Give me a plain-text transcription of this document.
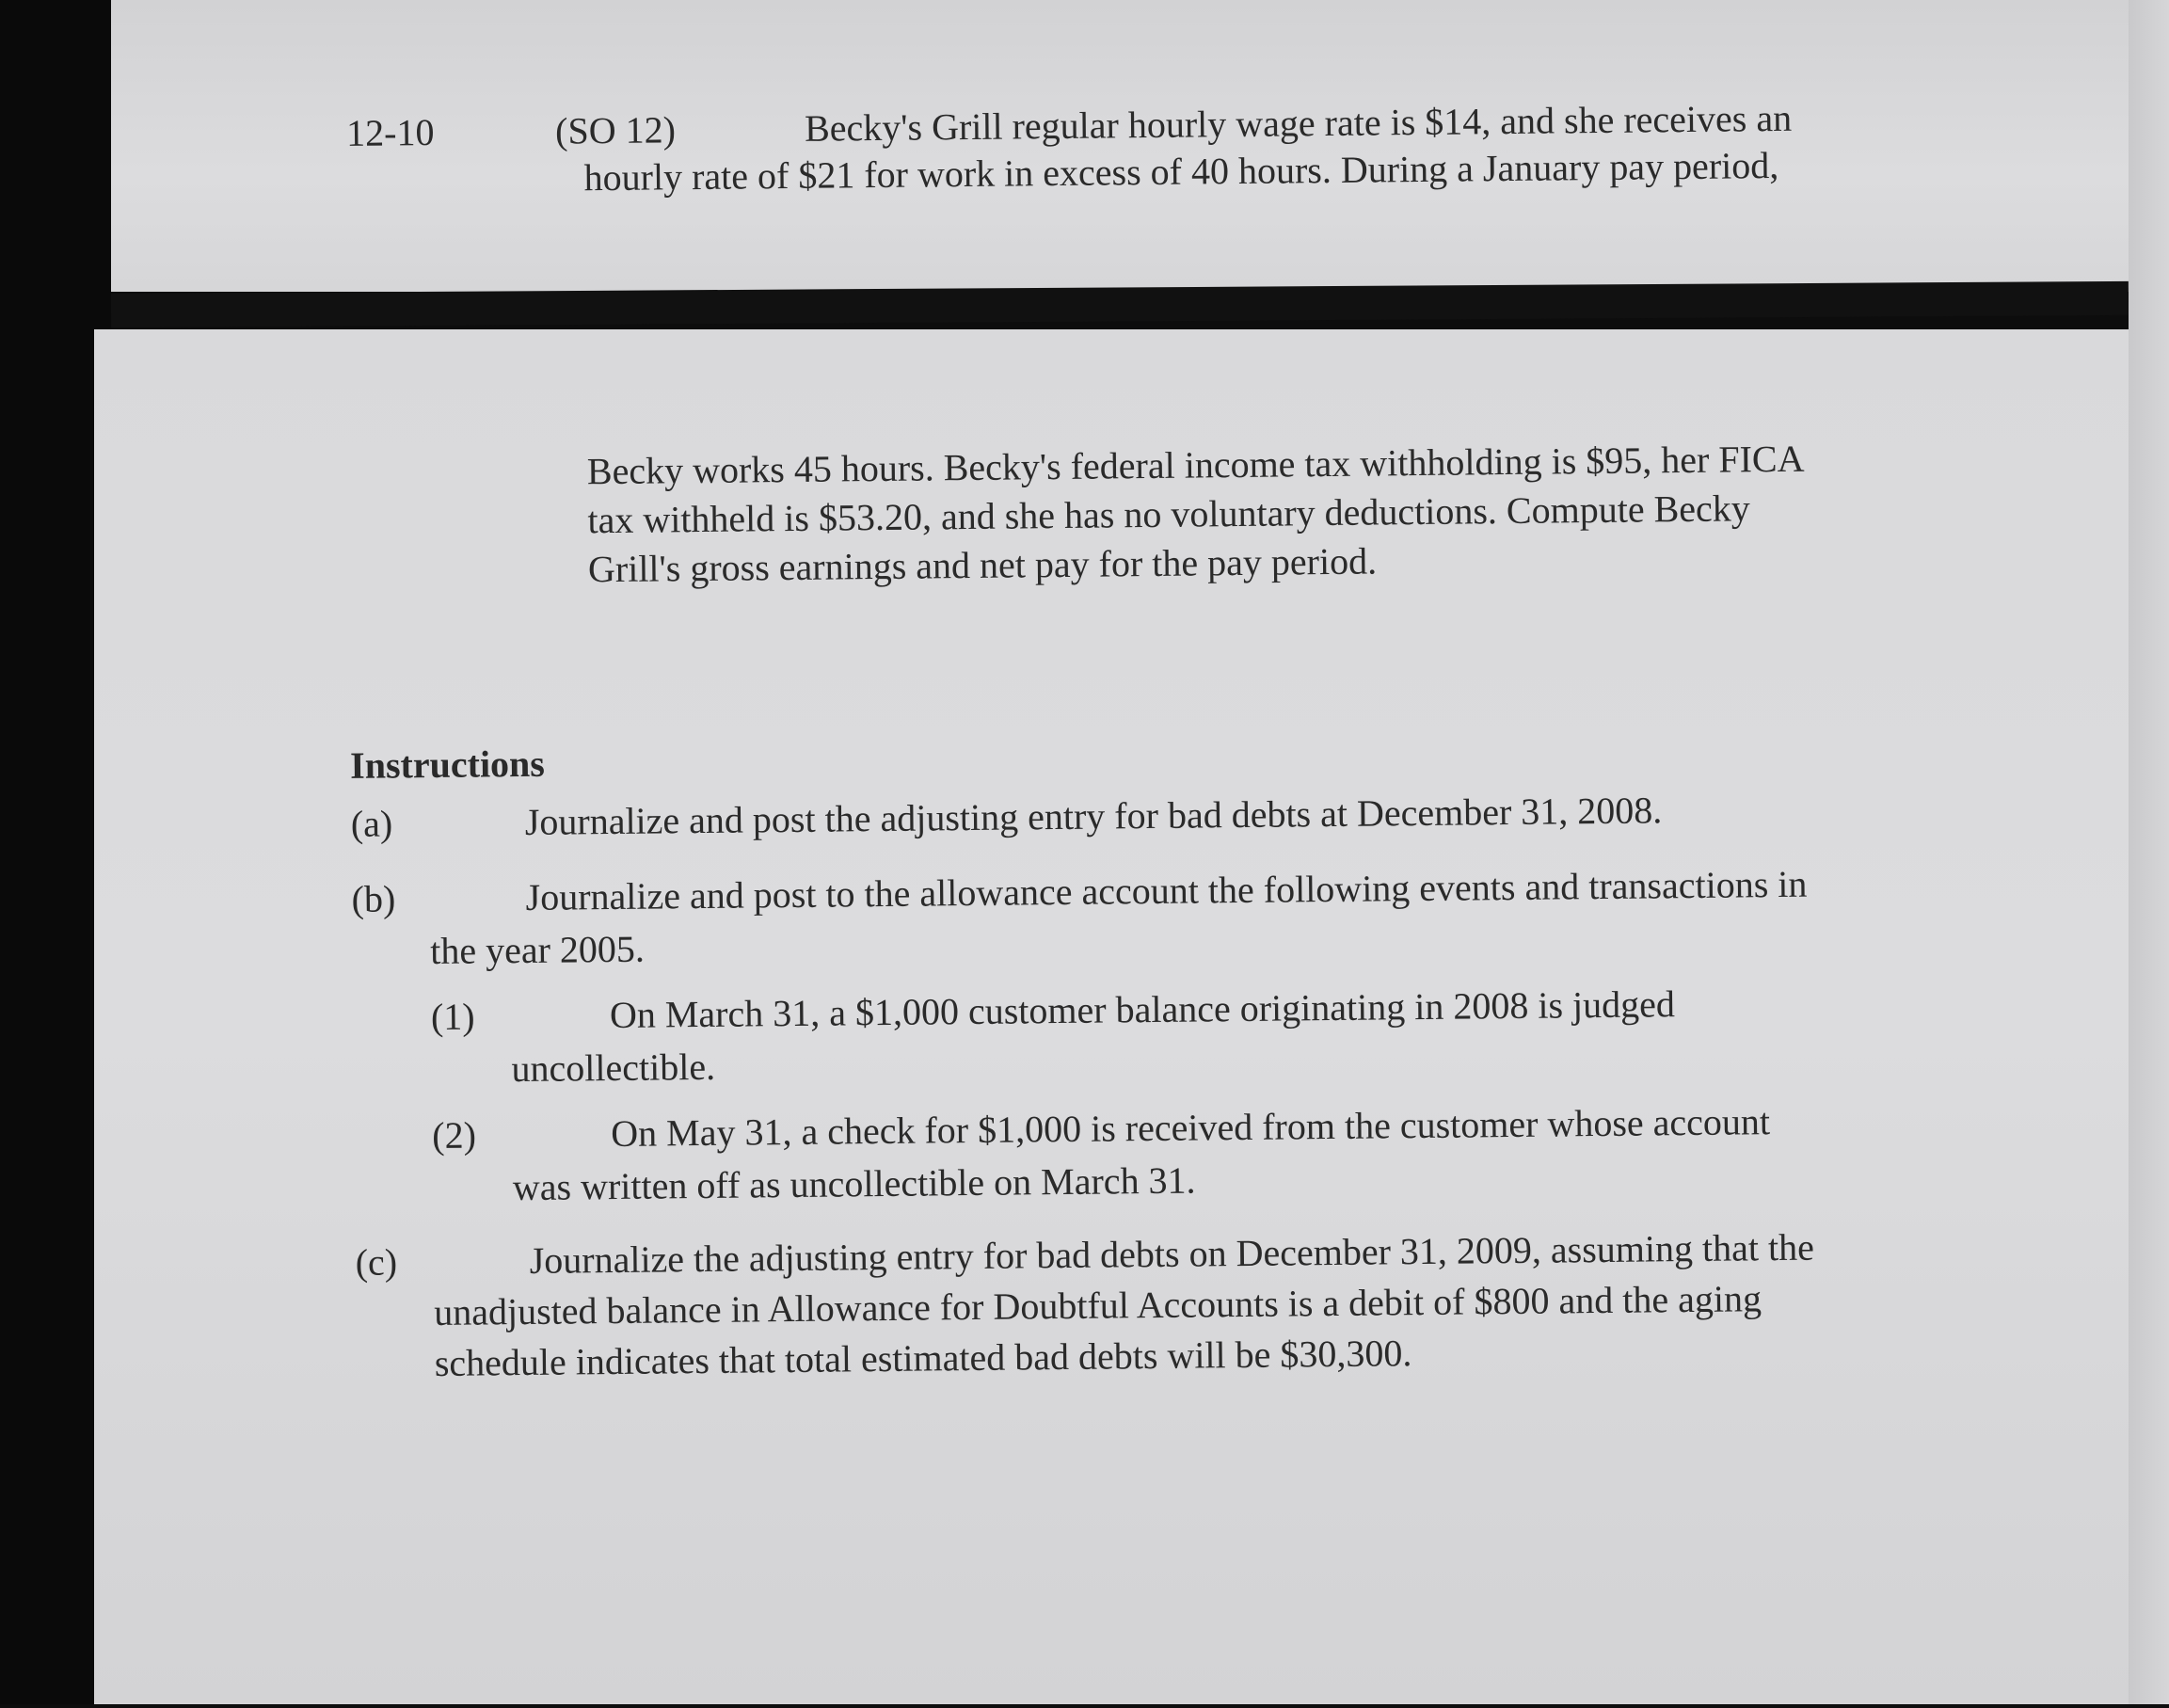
12-10	(SO 12)	Becky's Grill regular hourly wage rate is $14, and she receives an
hourly rate of $21 for work in excess of 40 hours. During a January pay period,
Becky works 45 hours. Becky's federal income tax withholding is $95, her FICA
tax withheld is $53.20, and she has no voluntary deductions. Compute Becky
Grill's gross earnings and net pay for the pay period.
Instructions
(a)	Journalize and post the adjusting entry for bad debts at December 31, 2008.
(b)	Journalize and post to the allowance account the following events and transactions in
the year 2005.
(1)	On March 31, a $1,000 customer balance originating in 2008 is judged
uncollectible.
(2)	On May 31, a check for $1,000 is received from the customer whose account
was written off as uncollectible on March 31.
(c)	Journalize the adjusting entry for bad debts on December 31, 2009, assuming that the
unadjusted balance in Allowance for Doubtful Accounts is a debit of $800 and the aging
schedule indicates that total estimated bad debts will be $30,300.
